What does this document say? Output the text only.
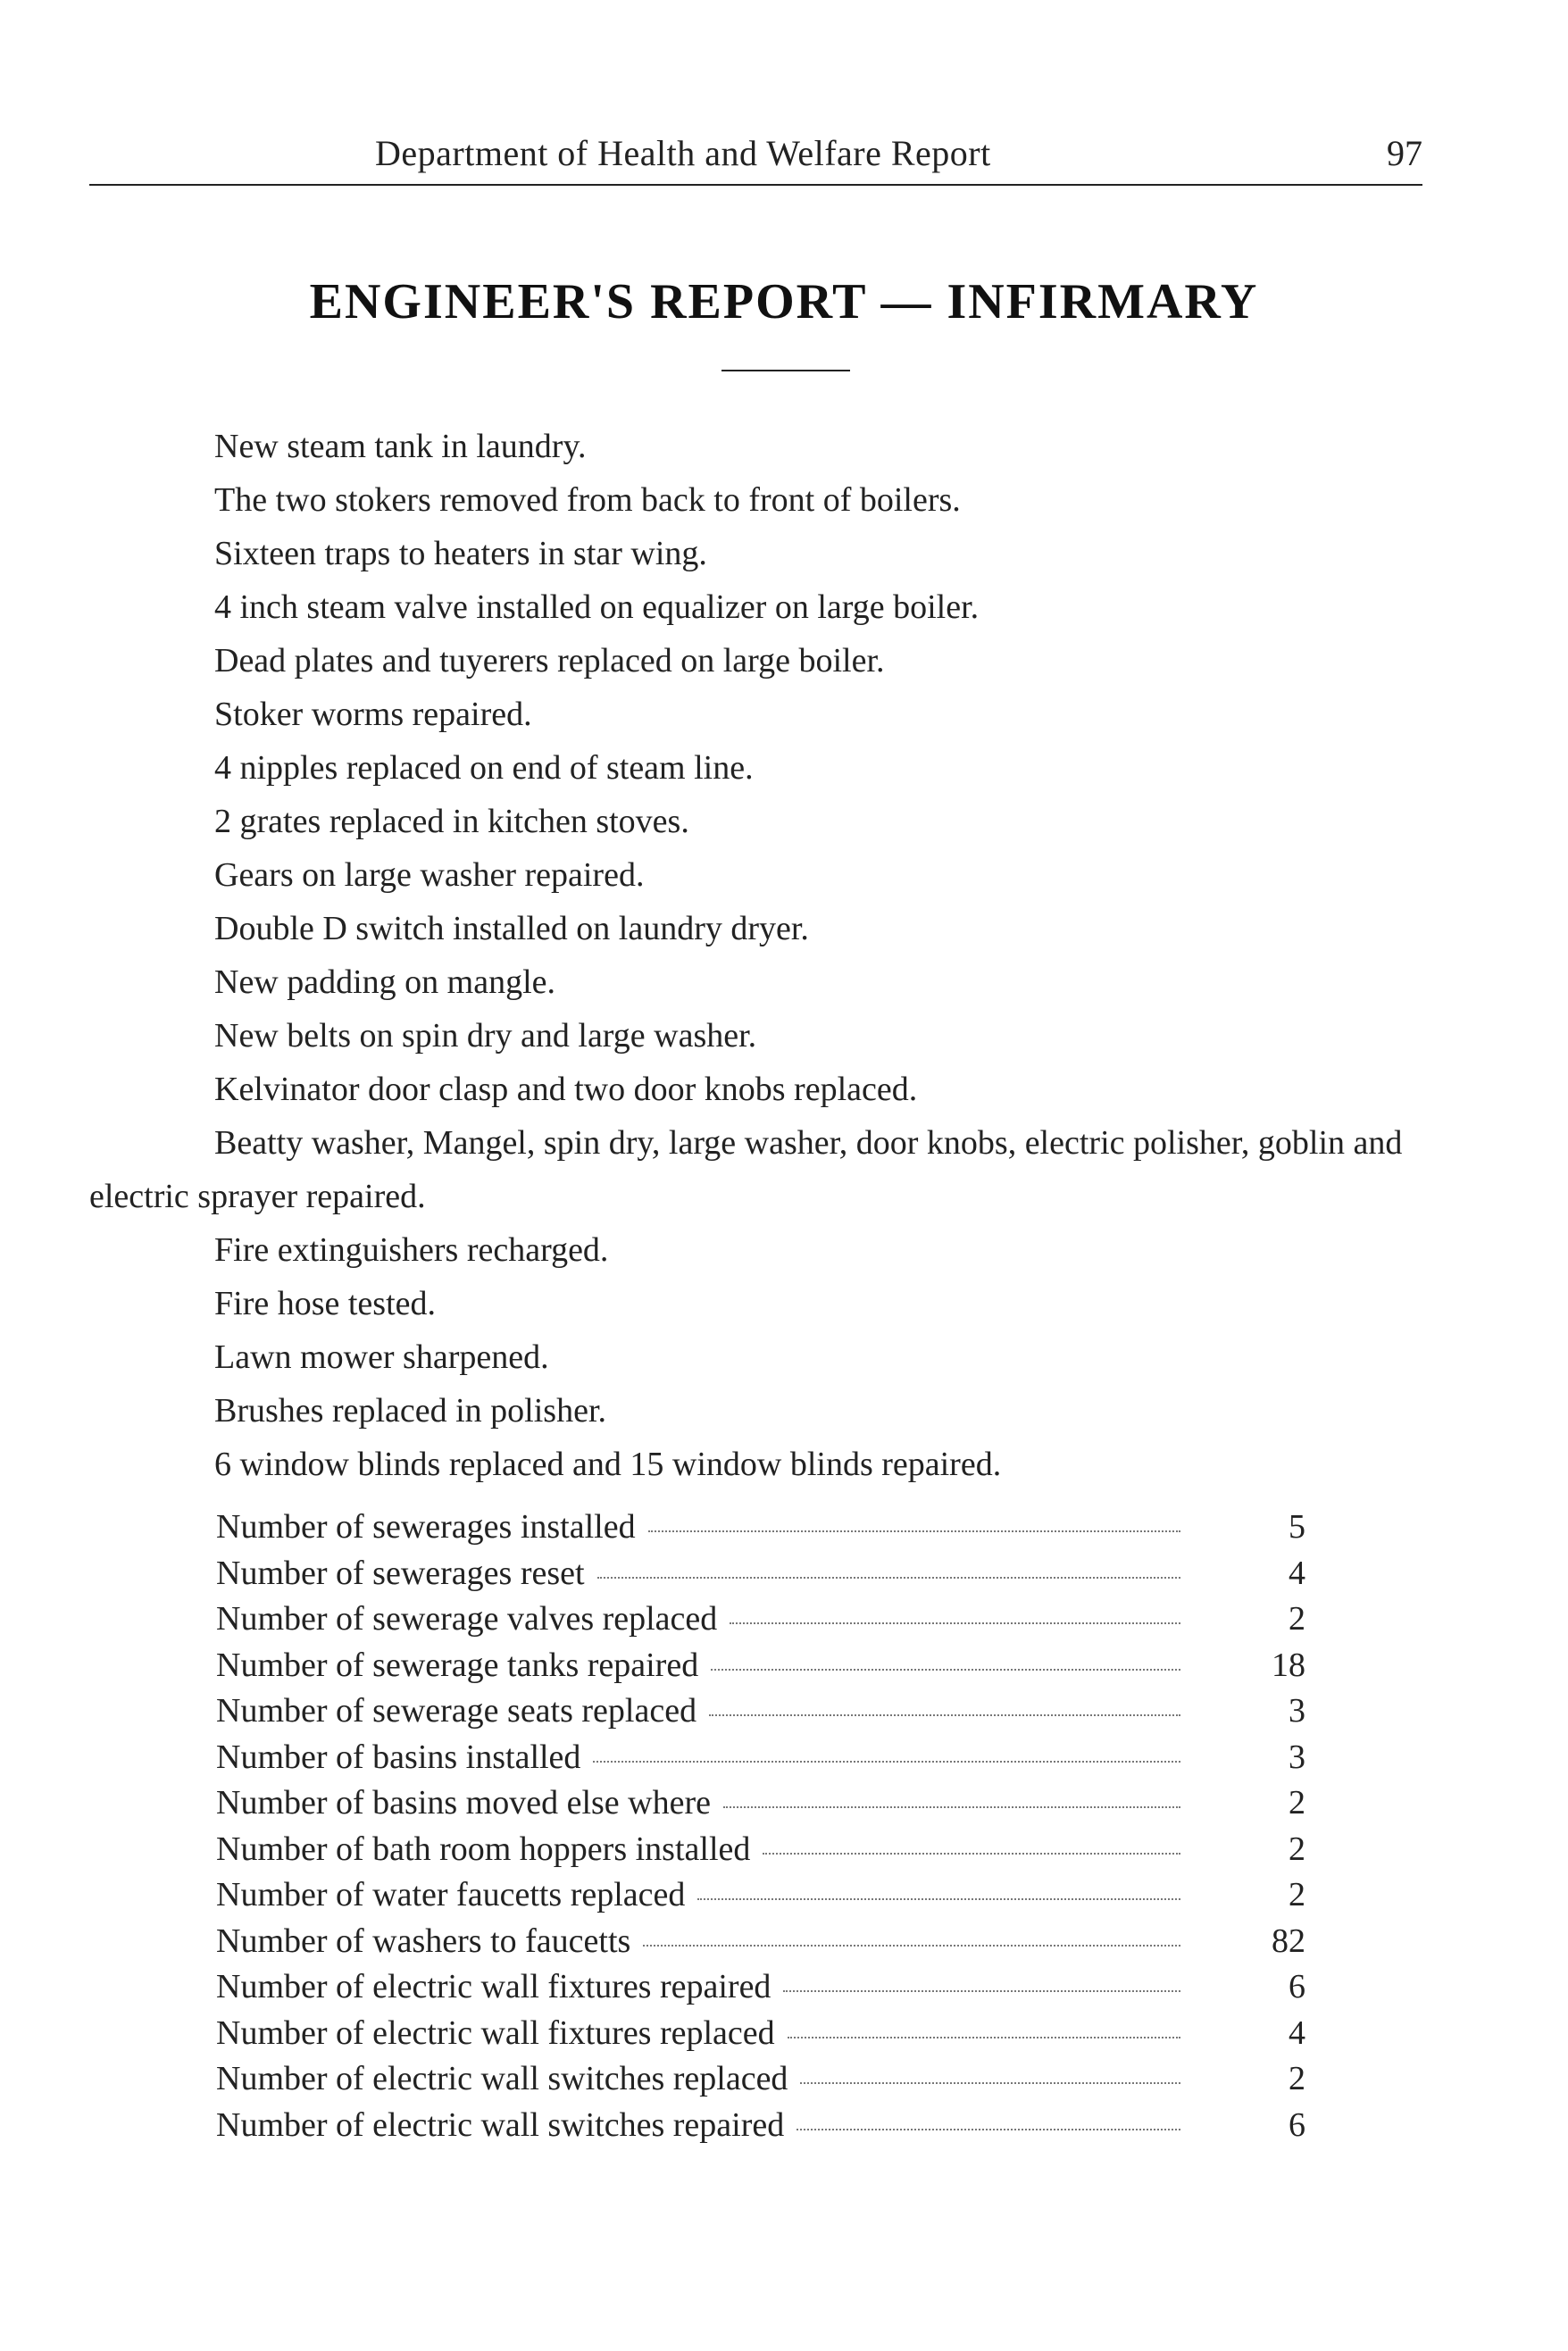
Department of Health and Welfare Report	97
ENGINEER'S REPORT — INFIRMARY
New steam tank in laundry.
The two stokers removed from back to front of boilers.
Sixteen traps to heaters in star wing.
4 inch steam valve installed on equalizer on large boiler.
Dead plates and tuyerers replaced on large boiler.
Stoker worms repaired.
4 nipples replaced on end of steam line.
2 grates replaced in kitchen stoves.
Gears on large washer repaired.
Double D switch installed on laundry dryer.
New padding on mangle.
New belts on spin dry and large washer.
Kelvinator door clasp and two door knobs replaced.
Beatty washer, Mangel, spin dry, large washer, door knobs, electric polisher, goblin and electric sprayer repaired.
Fire extinguishers recharged.
Fire hose tested.
Lawn mower sharpened.
Brushes replaced in polisher.
6 window blinds replaced and 15 window blinds repaired.
Number of sewerages installed	5
Number of sewerages reset	4
Number of sewerage valves replaced	2
Number of sewerage tanks repaired	18
Number of sewerage seats replaced	3
Number of basins installed	3
Number of basins moved else where	2
Number of bath room hoppers installed	2
Number of water faucetts replaced	2
Number of washers to faucetts	82
Number of electric wall fixtures repaired	6
Number of electric wall fixtures replaced	4
Number of electric wall switches replaced	2
Number of electric wall switches repaired	6
